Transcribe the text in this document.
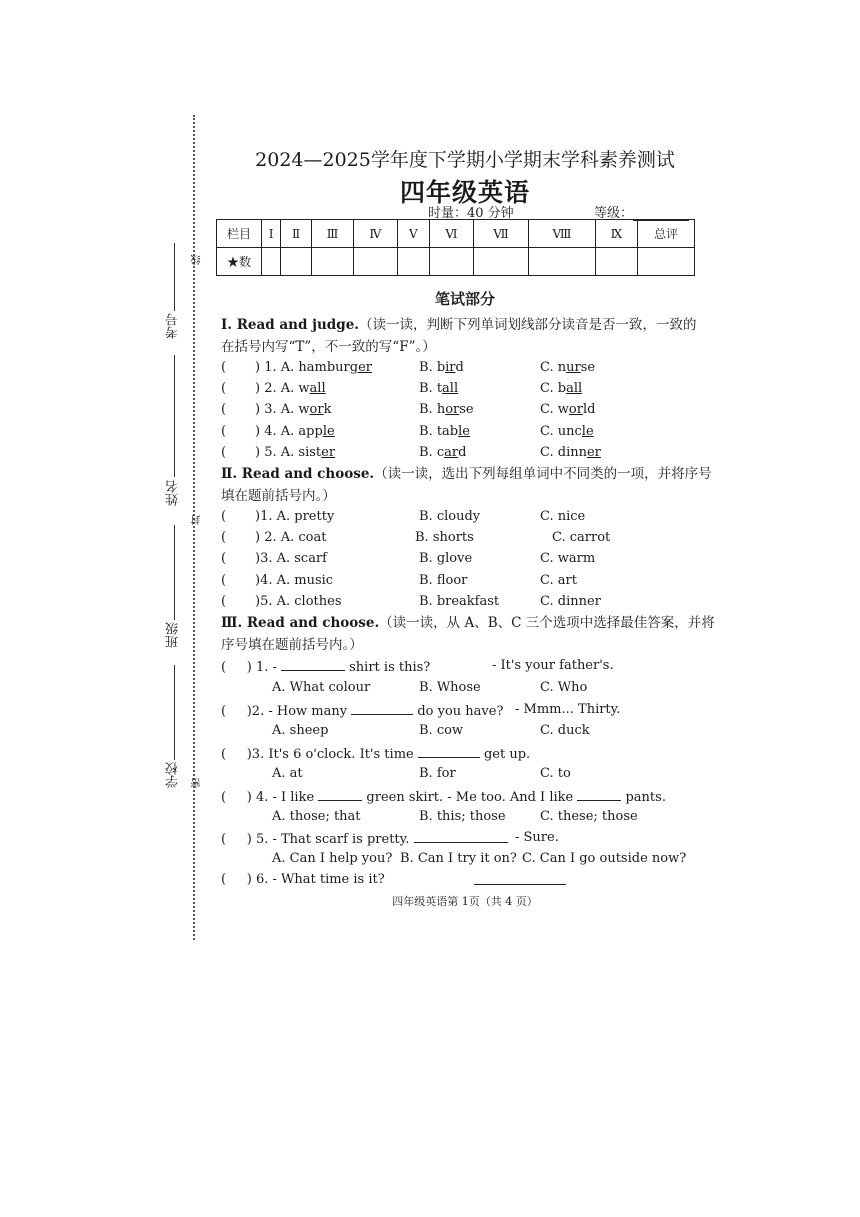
线
封
密
考号
姓名
班级
学校
2024—2025学年度下学期小学期末学科素养测试
四年级英语
时量：40 分钟	等级：
栏目	Ⅰ	Ⅱ	Ⅲ	Ⅳ	Ⅴ	Ⅵ	Ⅶ	Ⅷ	Ⅸ	总评
★数										
笔试部分
Ⅰ. Read and judge.（读一读，判断下列单词划线部分读音是否一致，一致的
在括号内写“T”，不一致的写“F”。）
(       ) 1. A. hamburger	B. bird	C. nurse
(       ) 2. A. wall	B. tall	C. ball
(       ) 3. A. work	B. horse	C. world
(       ) 4. A. apple	B. table	C. uncle
(       ) 5. A. sister	B. card	C. dinner
Ⅱ. Read and choose.（读一读，选出下列每组单词中不同类的一项，并将序号
填在题前括号内。）
(       )1. A. pretty	B. cloudy	C. nice
(       ) 2. A. coat	B. shorts	C. carrot
(       )3. A. scarf	B. glove	C. warm
(       )4. A. music	B. floor	C. art
(       )5. A. clothes	B. breakfast	C. dinner
Ⅲ. Read and choose.（读一读，从 A、B、C 三个选项中选择最佳答案，并将
序号填在题前括号内。）
(     ) 1. -	shirt is this?	- It's your father's.
A. What colour	B. Whose	C. Who
(     )2. - How many	do you have? - Mmm... Thirty.
A. sheep	B. cow	C. duck
(     )3. It's 6 o'clock. It's time	get up.
A. at	B. for	C. to
(     ) 4. - I like	green skirt. - Me too. And I like	pants.
A. those; that	B. this; those	C. these; those
(     ) 5. - That scarf is pretty.	- Sure.
A. Can I help you? B. Can I try it on? C. Can I go outside now?
(     ) 6. - What time is it?
四年级英语第 1页（共 4 页）
